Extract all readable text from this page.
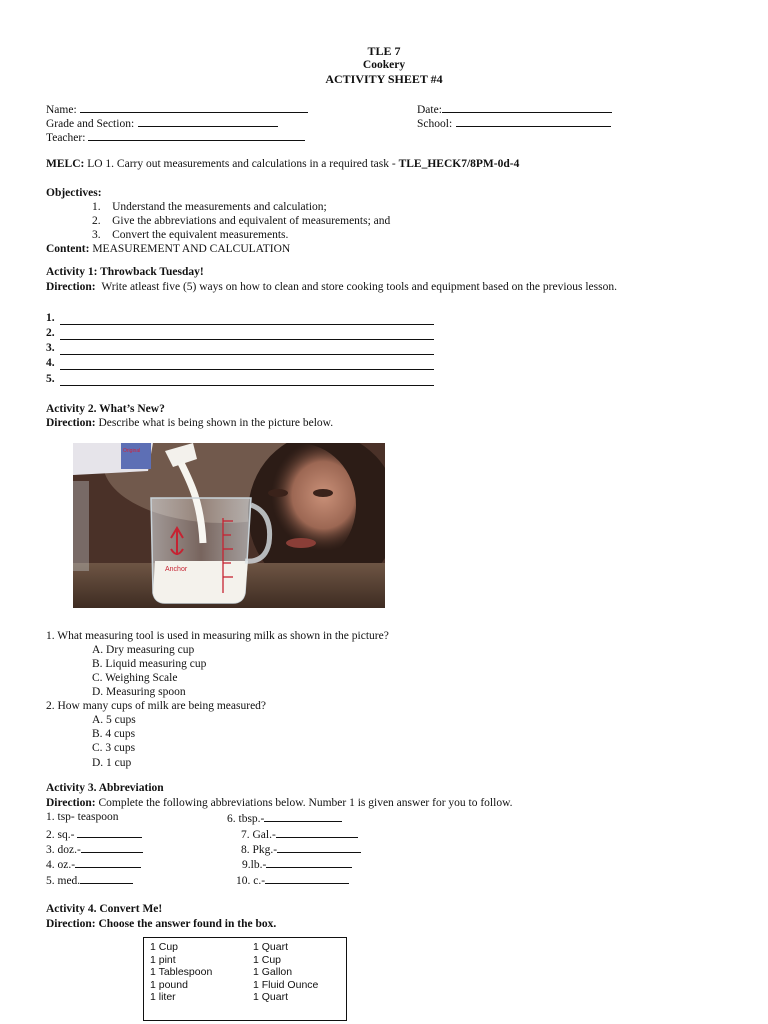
TLE 7
Cookery
ACTIVITY SHEET #4
Name:	Date:
Grade and Section:	School:
Teacher:
MELC: LO 1. Carry out measurements and calculations in a required task - TLE_HECK7/8PM-0d-4
Objectives:
1.    Understand the measurements and calculation;
2.    Give the abbreviations and equivalent of measurements; and
3.    Convert the equivalent measurements.
Content: MEASUREMENT AND CALCULATION
Activity 1: Throwback Tuesday!
Direction: Write atleast five (5) ways on how to clean and store cooking tools and equipment based on the previous lesson.
1.
2.
3.
4.
5.
Activity 2. What’s New?
Direction: Describe what is being shown in the picture below.
Original
Anchor
1. What measuring tool is used in measuring milk as shown in the picture?
A. Dry measuring cup
B. Liquid measuring cup
C. Weighing Scale
D. Measuring spoon
2. How many cups of milk are being measured?
A. 5 cups
B. 4 cups
C. 3 cups
D. 1 cup
Activity 3. Abbreviation
Direction: Complete the following abbreviations below. Number 1 is given answer for you to follow.
1. tsp- teaspoon
2. sq.-
3. doz.-
4. oz.-
5. med.
6. tbsp.-
7. Gal.-
8. Pkg.-
9.lb.-
10. c.-
Activity 4. Convert Me!
Direction: Choose the answer found in the box.
1 Cup
1 pint
1 Tablespoon
1 pound
1 liter
1 Quart
1 Cup
1 Gallon
1 Fluid Ounce
1 Quart
